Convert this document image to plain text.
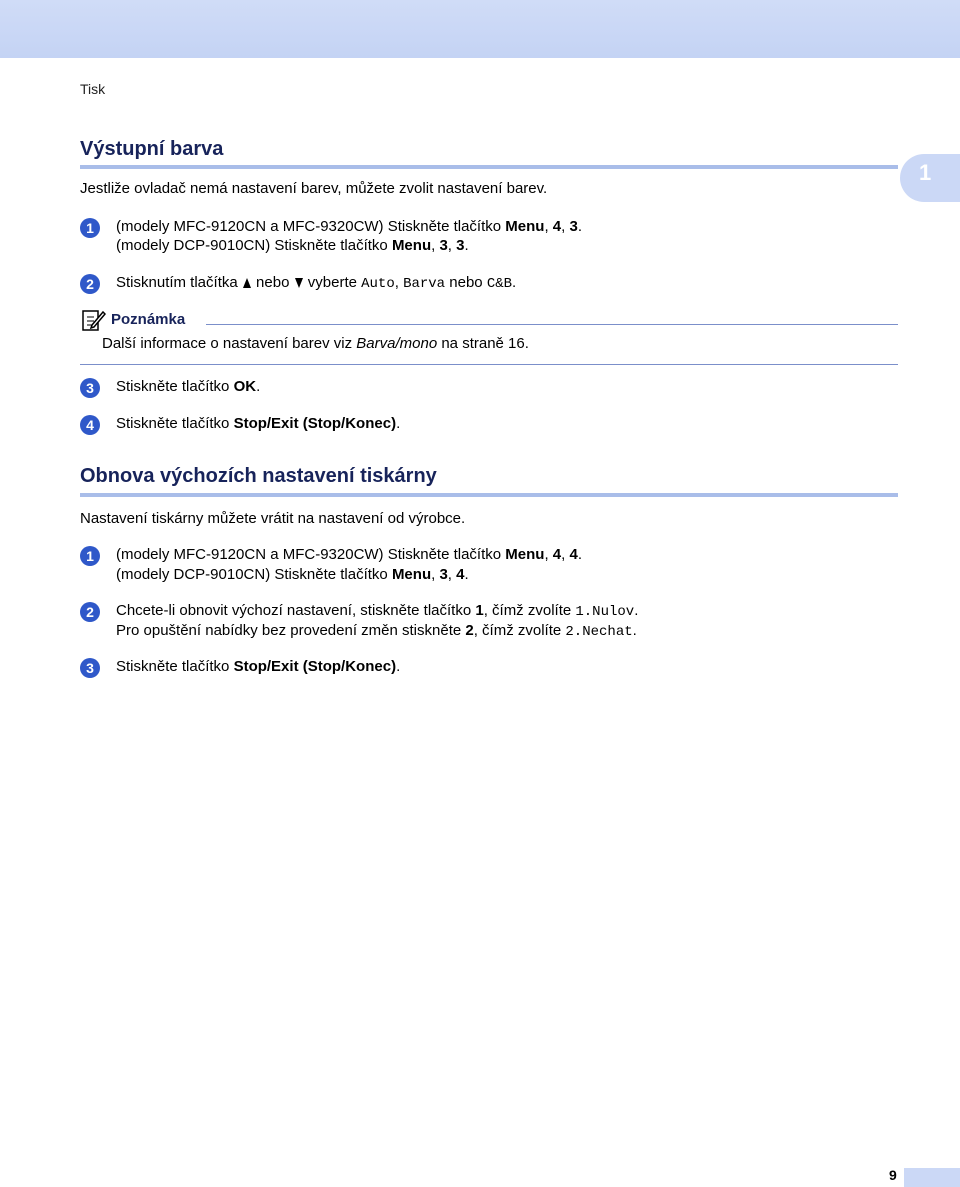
Tisk
1
Výstupní barva
Jestliže ovladač nemá nastavení barev, můžete zvolit nastavení barev.
1	(modely MFC-9120CN a MFC-9320CW) Stiskněte tlačítko Menu, 4, 3.
(modely DCP-9010CN) Stiskněte tlačítko Menu, 3, 3.
2	Stisknutím tlačítka  nebo  vyberte Auto, Barva nebo C&B.
Poznámka
Další informace o nastavení barev viz Barva/mono na straně 16.
3	Stiskněte tlačítko OK.
4	Stiskněte tlačítko Stop/Exit (Stop/Konec).
Obnova výchozích nastavení tiskárny
Nastavení tiskárny můžete vrátit na nastavení od výrobce.
1	(modely MFC-9120CN a MFC-9320CW) Stiskněte tlačítko Menu, 4, 4.
(modely DCP-9010CN) Stiskněte tlačítko Menu, 3, 4.
2	Chcete-li obnovit výchozí nastavení, stiskněte tlačítko 1, čímž zvolíte 1.Nulov.
Pro opuštění nabídky bez provedení změn stiskněte 2, čímž zvolíte 2.Nechat.
3	Stiskněte tlačítko Stop/Exit (Stop/Konec).
9
